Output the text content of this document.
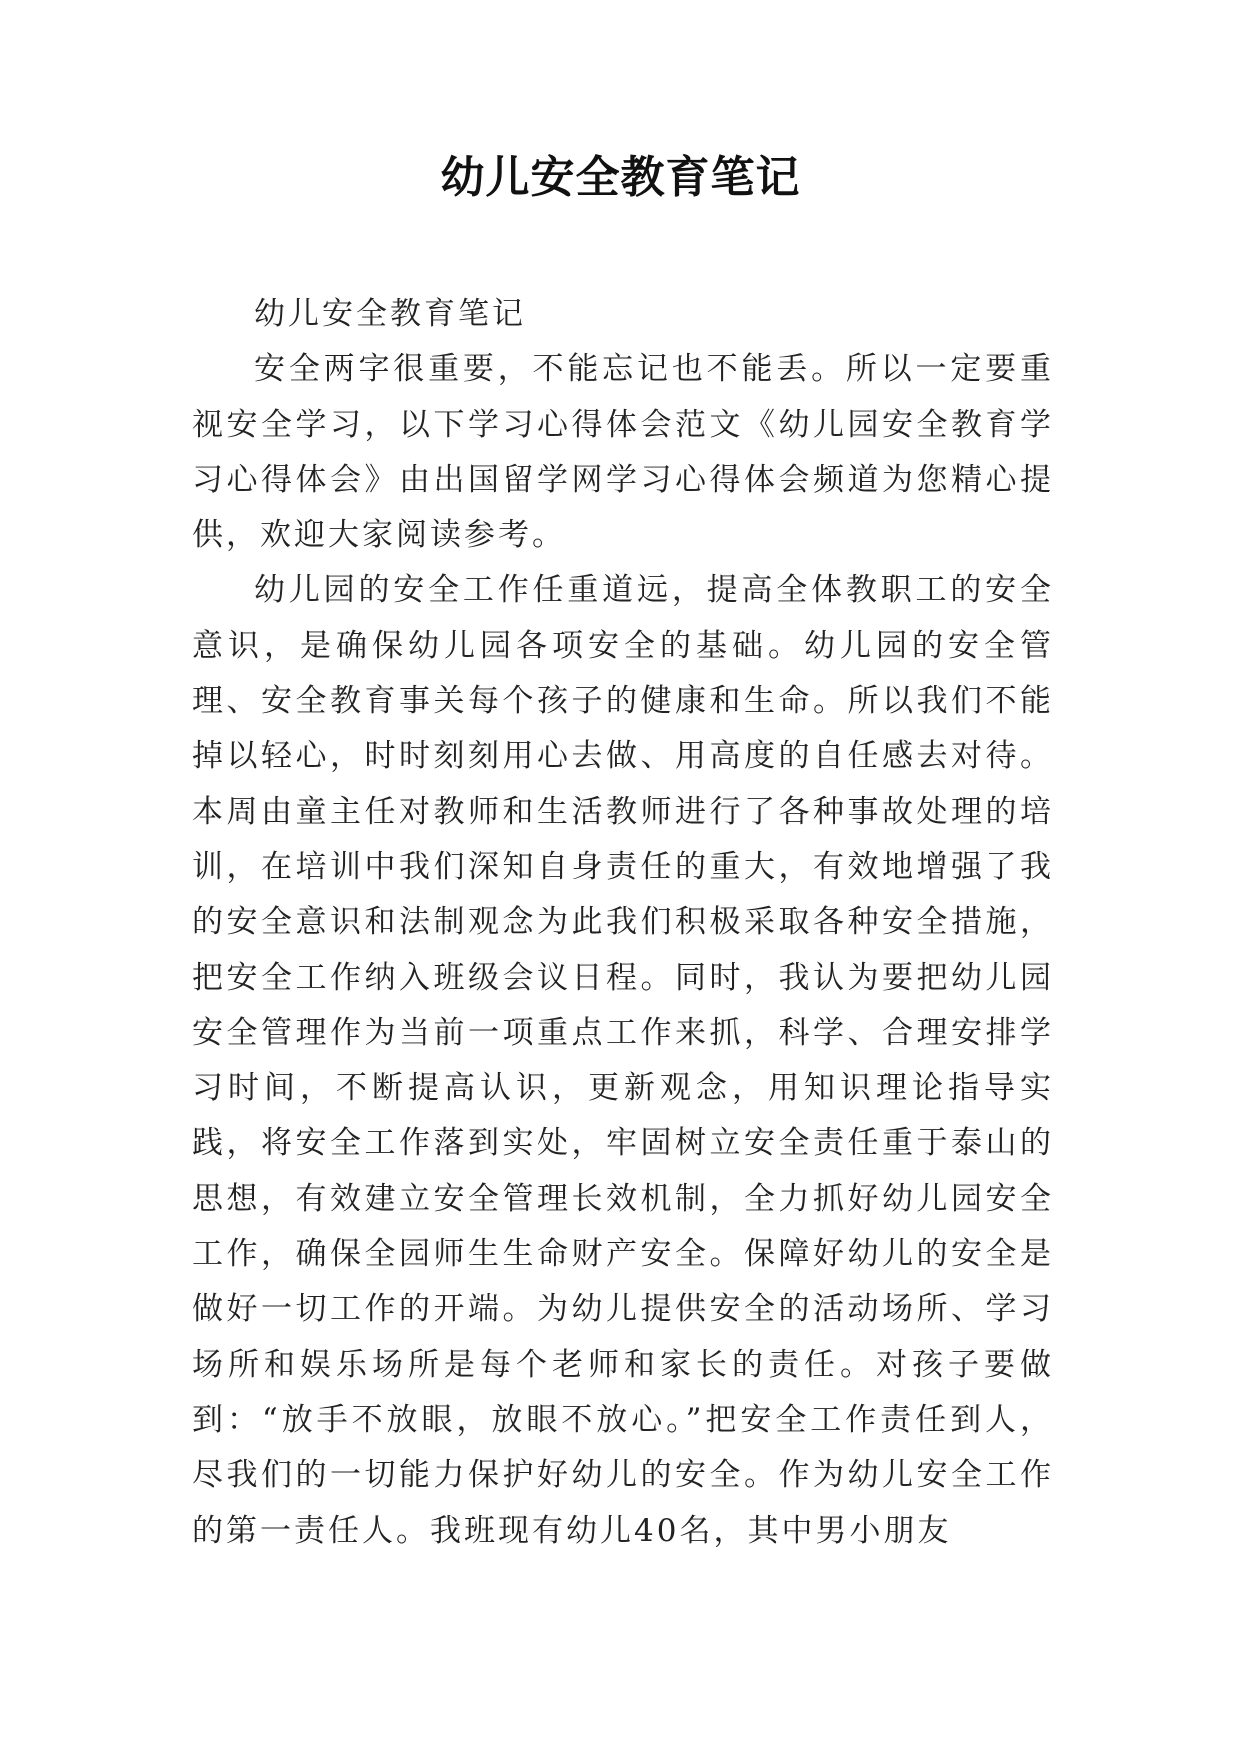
幼儿安全教育笔记

幼儿安全教育笔记

安全两字很重要，不能忘记也不能丢。所以一定要重视安全学习，以下学习心得体会范文《幼儿园安全教育学习心得体会》由出国留学网学习心得体会频道为您精心提供，欢迎大家阅读参考。

幼儿园的安全工作任重道远，提高全体教职工的安全意识，是确保幼儿园各项安全的基础。幼儿园的安全管理、安全教育事关每个孩子的健康和生命。所以我们不能掉以轻心，时时刻刻用心去做、用高度的自任感去对待。本周由童主任对教师和生活教师进行了各种事故处理的培训，在培训中我们深知自身责任的重大，有效地增强了我的安全意识和法制观念为此我们积极采取各种安全措施，把安全工作纳入班级会议日程。同时，我认为要把幼儿园安全管理作为当前一项重点工作来抓，科学、合理安排学习时间，不断提高认识，更新观念，用知识理论指导实践，将安全工作落到实处，牢固树立安全责任重于泰山的思想，有效建立安全管理长效机制，全力抓好幼儿园安全工作，确保全园师生生命财产安全。保障好幼儿的安全是做好一切工作的开端。为幼儿提供安全的活动场所、学习场所和娱乐场所是每个老师和家长的责任。对孩子要做到：“放手不放眼，放眼不放心。”把安全工作责任到人，尽我们的一切能力保护好幼儿的安全。作为幼儿安全工作的第一责任人。我班现有幼儿40名，其中男小朋友
